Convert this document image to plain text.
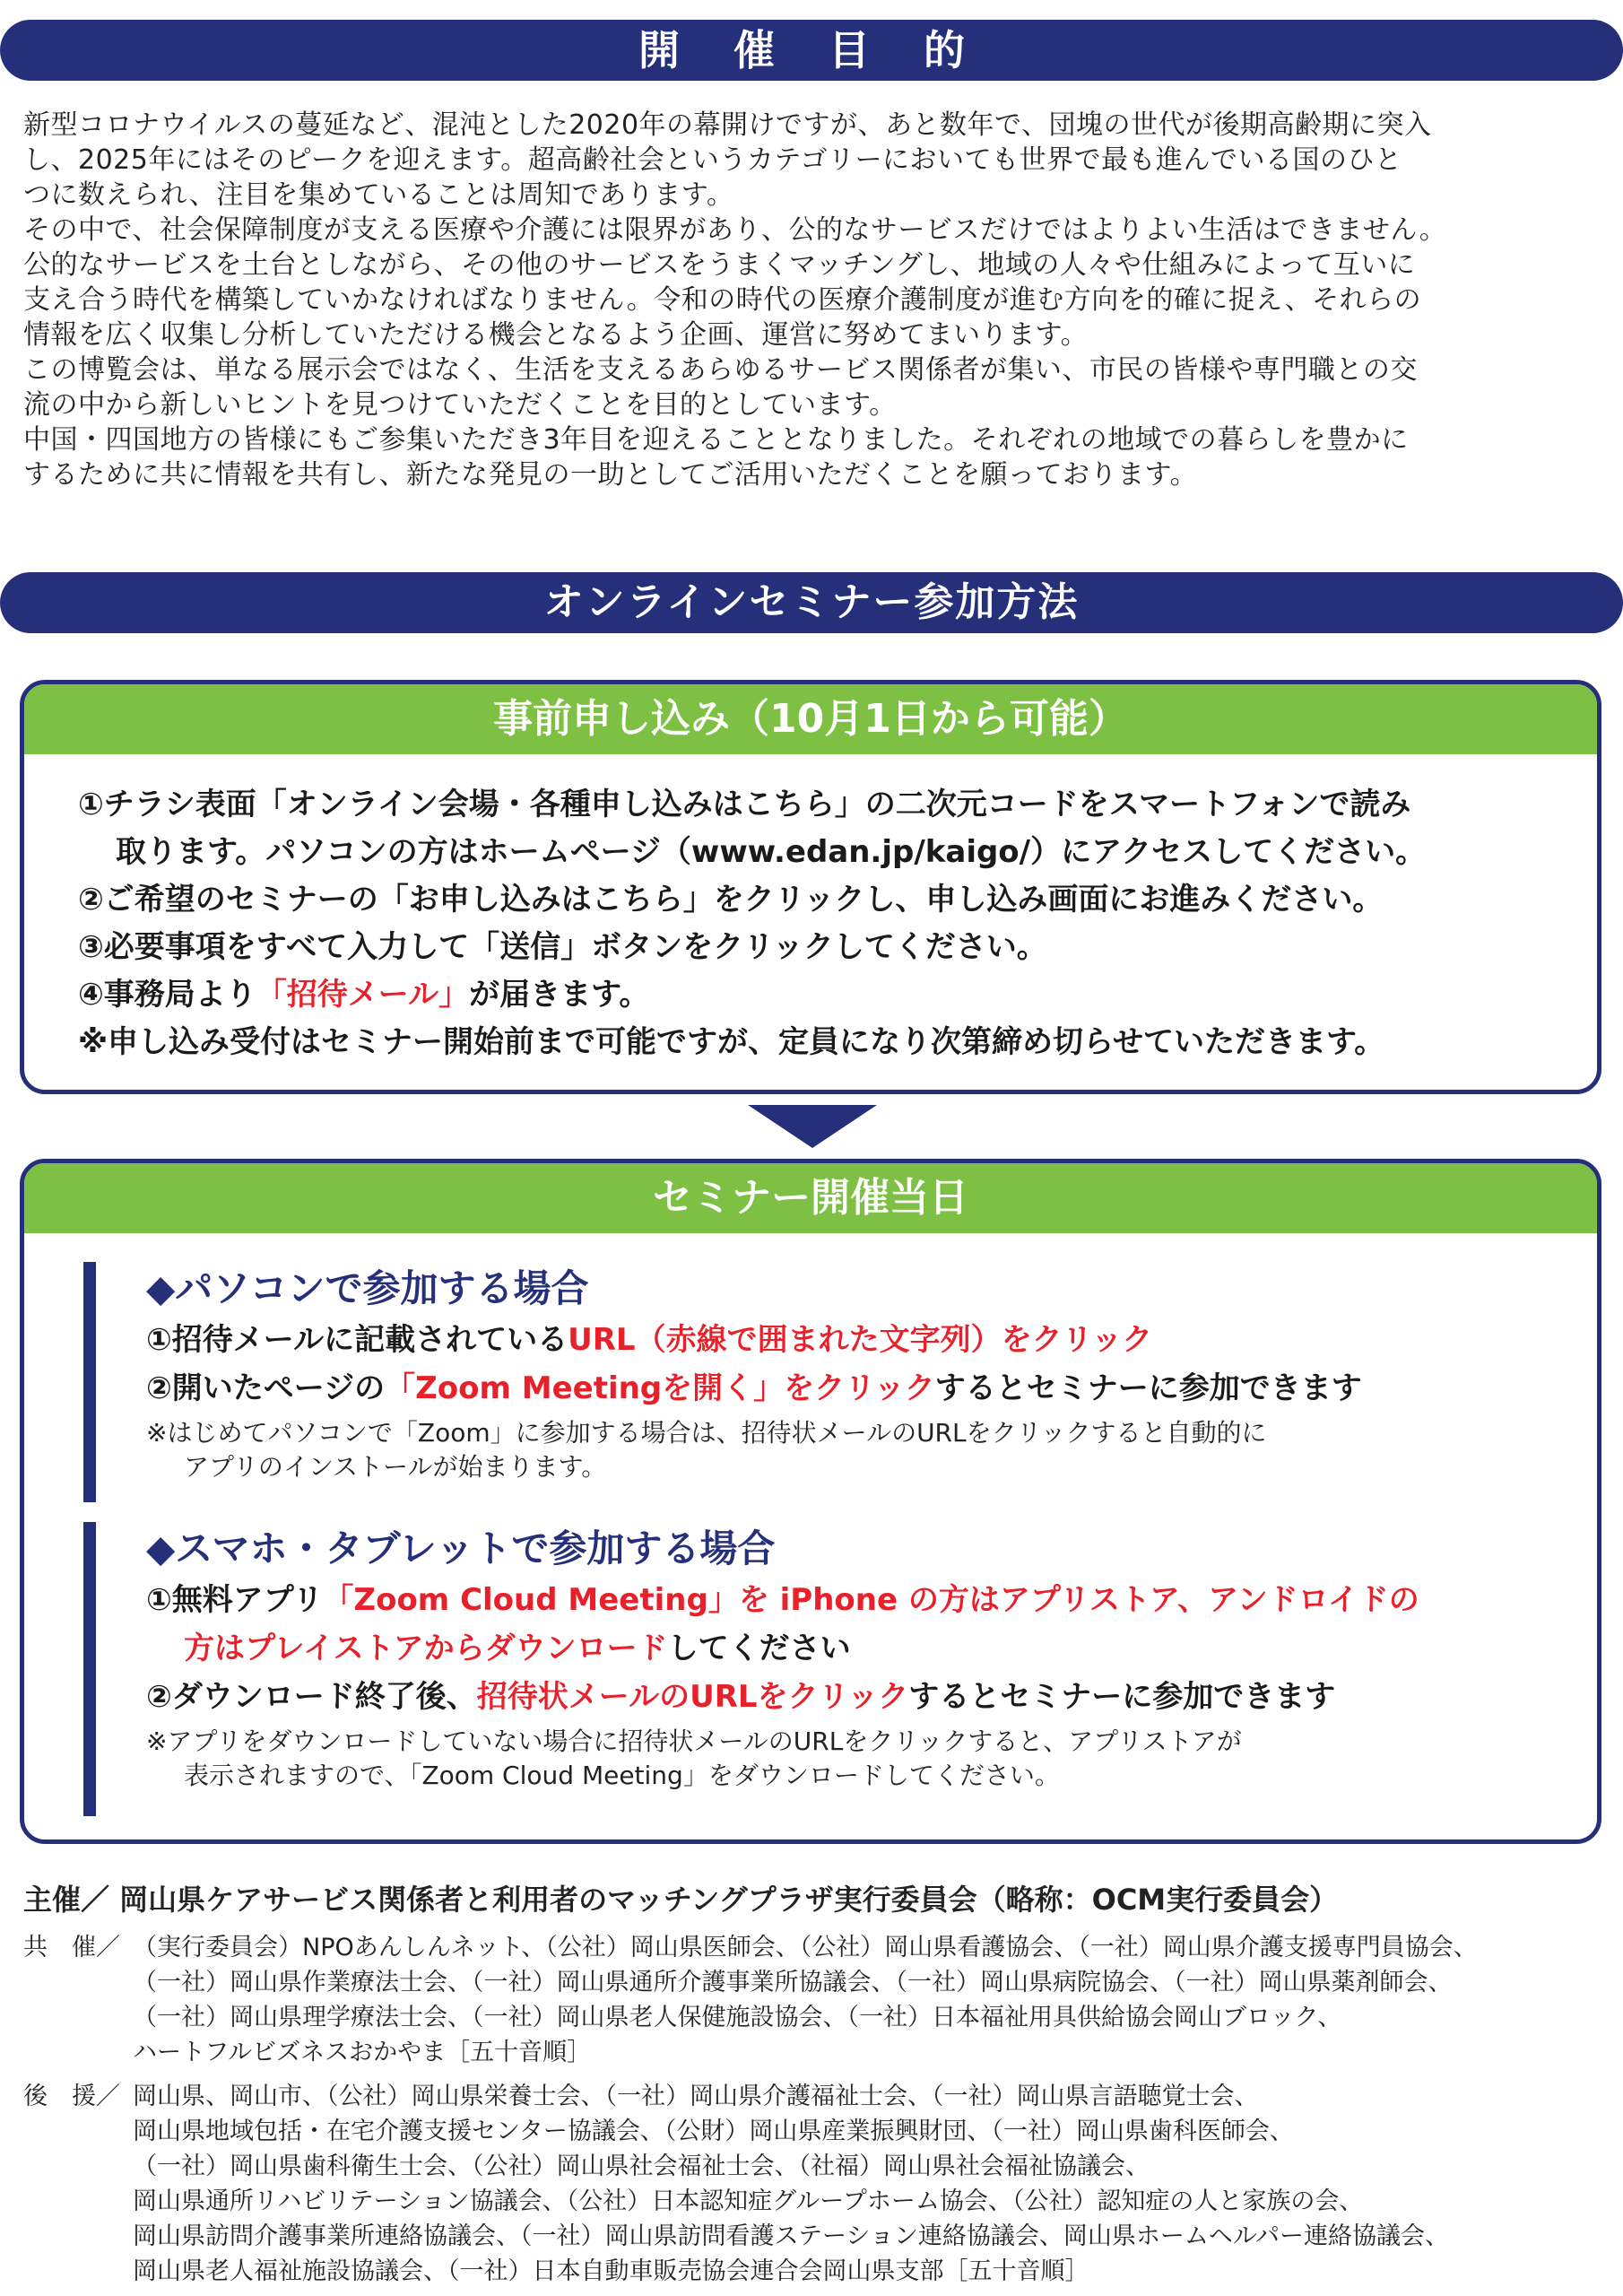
開 催 目 的

新型コロナウイルスの蔓延など、混沌とした2020年の幕開けですが、あと数年で、団塊の世代が後期高齢期に突入
し、2025年にはそのピークを迎えます。超高齢社会というカテゴリーにおいても世界で最も進んでいる国のひと
つに数えられ、注目を集めていることは周知であります。

その中で、社会保障制度が支える医療や介護には限界があり、公的なサービスだけではよりよい生活はできません。
公的なサービスを土台としながら、その他のサービスをうまくマッチングし、地域の人々や仕組みによって互いに
支え合う時代を構築していかなければなりません。令和の時代の医療介護制度が進む方向を的確に捉え、それらの
情報を広く収集し分析していただける機会となるよう企画、運営に努めてまいります。

この博覧会は、単なる展示会ではなく、生活を支えるあらゆるサービス関係者が集い、市民の皆様や専門職との交
流の中から新しいヒントを見つけていただくことを目的としています。

中国・四国地方の皆様にもご参集いただき3年目を迎えることとなりました。それぞれの地域での暮らしを豊かに
するために共に情報を共有し、新たな発見の一助としてご活用いただくことを願っております。

オンラインセミナー参加方法
事前申し込み（10月1日から可能）
①チラシ表面「オンライン会場・各種申し込みはこちら」の二次元コードをスマートフォンで読み
取ります。パソコンの方はホームページ（www.edan.jp/kaigo/）にアクセスしてください。
②ご希望のセミナーの「お申し込みはこちら」をクリックし、申し込み画面にお進みください。
③必要事項をすべて入力して「送信」ボタンをクリックしてください。
④事務局より「招待メール」が届きます。
※申し込み受付はセミナー開始前まで可能ですが、定員になり次第締め切らせていただきます。
セミナー開催当日
◆パソコンで参加する場合
①招待メールに記載されているURL（赤線で囲まれた文字列）をクリック
②開いたページの「Zoom Meetingを開く」をクリックするとセミナーに参加できます
※はじめてパソコンで「Zoom」に参加する場合は、招待状メールのURLをクリックすると自動的に
アプリのインストールが始まります。
◆スマホ・タブレットで参加する場合
①無料アプリ「Zoom Cloud Meeting」を iPhone の方はアプリストア、アンドロイドの
方はプレイストアからダウンロードしてください
②ダウンロード終了後、招待状メールのURLをクリックするとセミナーに参加できます
※アプリをダウンロードしていない場合に招待状メールのURLをクリックすると、アプリストアが
表示されますので、「Zoom Cloud Meeting」をダウンロードしてください。
主催／ 岡山県ケアサービス関係者と利用者のマッチングプラザ実行委員会（略称：OCM実行委員会）
共　催／ （実行委員会）NPOあんしんネット、（公社）岡山県医師会、（公社）岡山県看護協会、（一社）岡山県介護支援専門員協会、
（一社）岡山県作業療法士会、（一社）岡山県通所介護事業所協議会、（一社）岡山県病院協会、（一社）岡山県薬剤師会、
（一社）岡山県理学療法士会、（一社）岡山県老人保健施設協会、（一社）日本福祉用具供給協会岡山ブロック、
ハートフルビズネスおかやま［五十音順］
後　援／ 岡山県、岡山市、（公社）岡山県栄養士会、（一社）岡山県介護福祉士会、（一社）岡山県言語聴覚士会、
岡山県地域包括・在宅介護支援センター協議会、（公財）岡山県産業振興財団、（一社）岡山県歯科医師会、
（一社）岡山県歯科衛生士会、（公社）岡山県社会福祉士会、（社福）岡山県社会福祉協議会、
岡山県通所リハビリテーション協議会、（公社）日本認知症グループホーム協会、（公社）認知症の人と家族の会、
岡山県訪問介護事業所連絡協議会、（一社）岡山県訪問看護ステーション連絡協議会、岡山県ホームヘルパー連絡協議会、
岡山県老人福祉施設協議会、（一社）日本自動車販売協会連合会岡山県支部［五十音順］
